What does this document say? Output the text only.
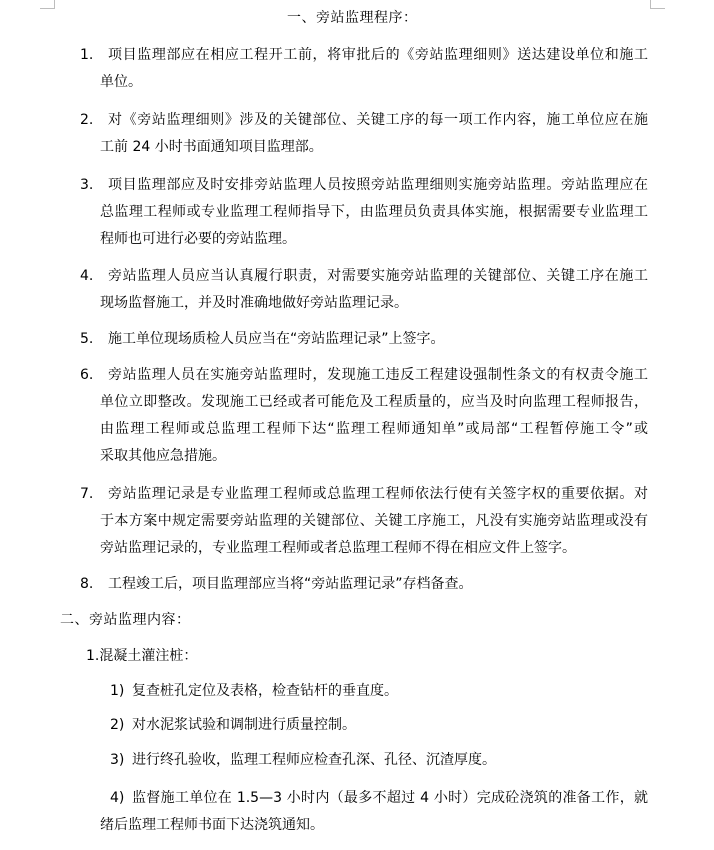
一、旁站监理程序：
1. 项目监理部应在相应工程开工前，将审批后的《旁站监理细则》送达建设单位和施工
单位。
2. 对《旁站监理细则》涉及的关键部位、关键工序的每一项工作内容，施工单位应在施
工前 24 小时书面通知项目监理部。
3. 项目监理部应及时安排旁站监理人员按照旁站监理细则实施旁站监理。旁站监理应在
总监理工程师或专业监理工程师指导下，由监理员负责具体实施，根据需要专业监理工
程师也可进行必要的旁站监理。
4. 旁站监理人员应当认真履行职责，对需要实施旁站监理的关键部位、关键工序在施工
现场监督施工，并及时准确地做好旁站监理记录。
5. 施工单位现场质检人员应当在“旁站监理记录”上签字。
6. 旁站监理人员在实施旁站监理时，发现施工违反工程建设强制性条文的有权责令施工
单位立即整改。发现施工已经或者可能危及工程质量的，应当及时向监理工程师报告，
由监理工程师或总监理工程师下达“监理工程师通知单”或局部“工程暂停施工令”或
采取其他应急措施。
7. 旁站监理记录是专业监理工程师或总监理工程师依法行使有关签字权的重要依据。对
于本方案中规定需要旁站监理的关键部位、关键工序施工，凡没有实施旁站监理或没有
旁站监理记录的，专业监理工程师或者总监理工程师不得在相应文件上签字。
8. 工程竣工后，项目监理部应当将“旁站监理记录”存档备查。
二、旁站监理内容：
1.混凝土灌注桩：
1) 复查桩孔定位及表格，检查钻杆的垂直度。
2) 对水泥浆试验和调制进行质量控制。
3) 进行终孔验收，监理工程师应检查孔深、孔径、沉渣厚度。
4) 监督施工单位在 1.5—3 小时内（最多不超过 4 小时）完成砼浇筑的准备工作，就
绪后监理工程师书面下达浇筑通知。
